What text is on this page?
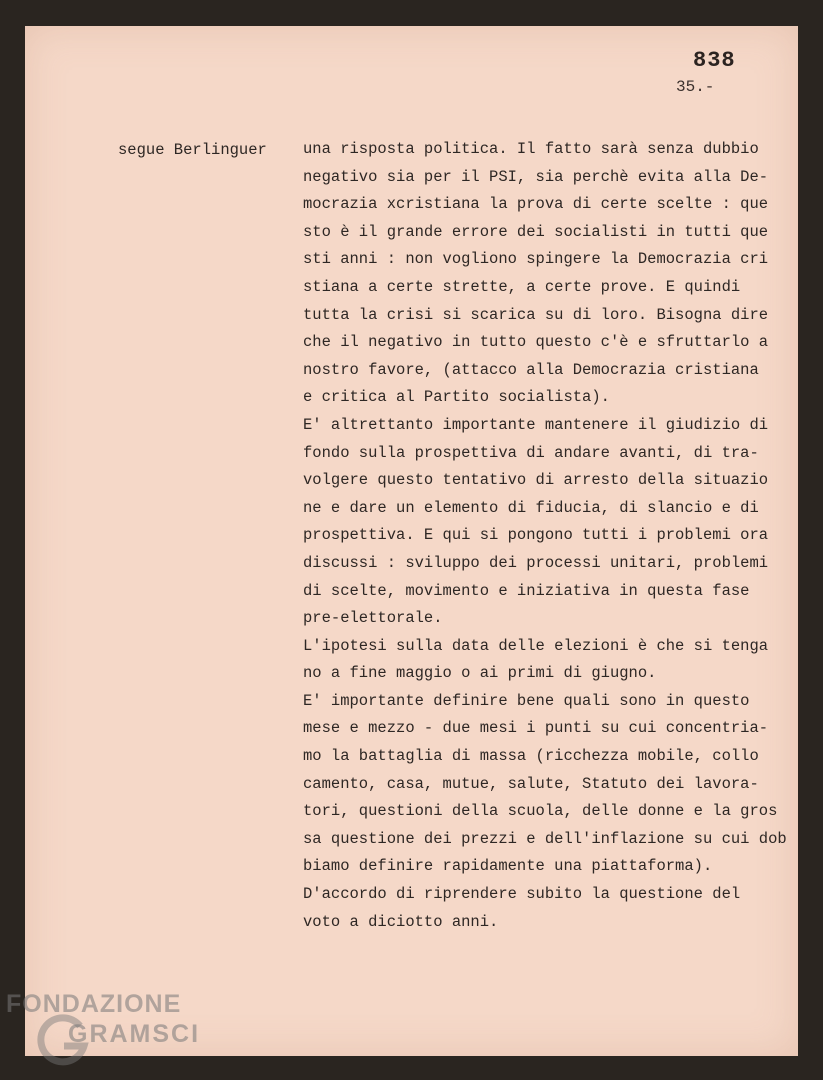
838
35.-
segue Berlinguer una risposta politica. Il fatto sarà senza dubbio
negativo sia per il PSI, sia perchè evita alla De-
mocrazia xcristiana la prova di certe scelte : que
sto è il grande errore dei socialisti in tutti que
sti anni : non vogliono spingere la Democrazia cri
stiana a certe strette, a certe prove. E quindi
tutta la crisi si scarica su di loro. Bisogna dire
che il negativo in tutto questo c'è e sfruttarlo a
nostro favore, (attacco alla Democrazia cristiana
e critica al Partito socialista).
E' altrettanto importante mantenere il giudizio di
fondo sulla prospettiva di andare avanti, di tra-
volgere questo tentativo di arresto della situazio
ne e dare un elemento di fiducia, di slancio e di
prospettiva. E qui si pongono tutti i problemi ora
discussi : sviluppo dei processi unitari, problemi
di scelte, movimento e iniziativa in questa fase
pre-elettorale.
L'ipotesi sulla data delle elezioni è che si tenga
no a fine maggio o ai primi di giugno.
E' importante definire bene quali sono in questo
mese e mezzo - due mesi i punti su cui concentria-
mo la battaglia di massa (ricchezza mobile, collo
camento, casa, mutue, salute, Statuto dei lavora-
tori, questioni della scuola, delle donne e la gros
sa questione dei prezzi e dell'inflazione su cui dob
biamo definire rapidamente una piattaforma).
D'accordo di riprendere subito la questione del
voto a diciotto anni.
FONDAZIONE
GRAMSCI
